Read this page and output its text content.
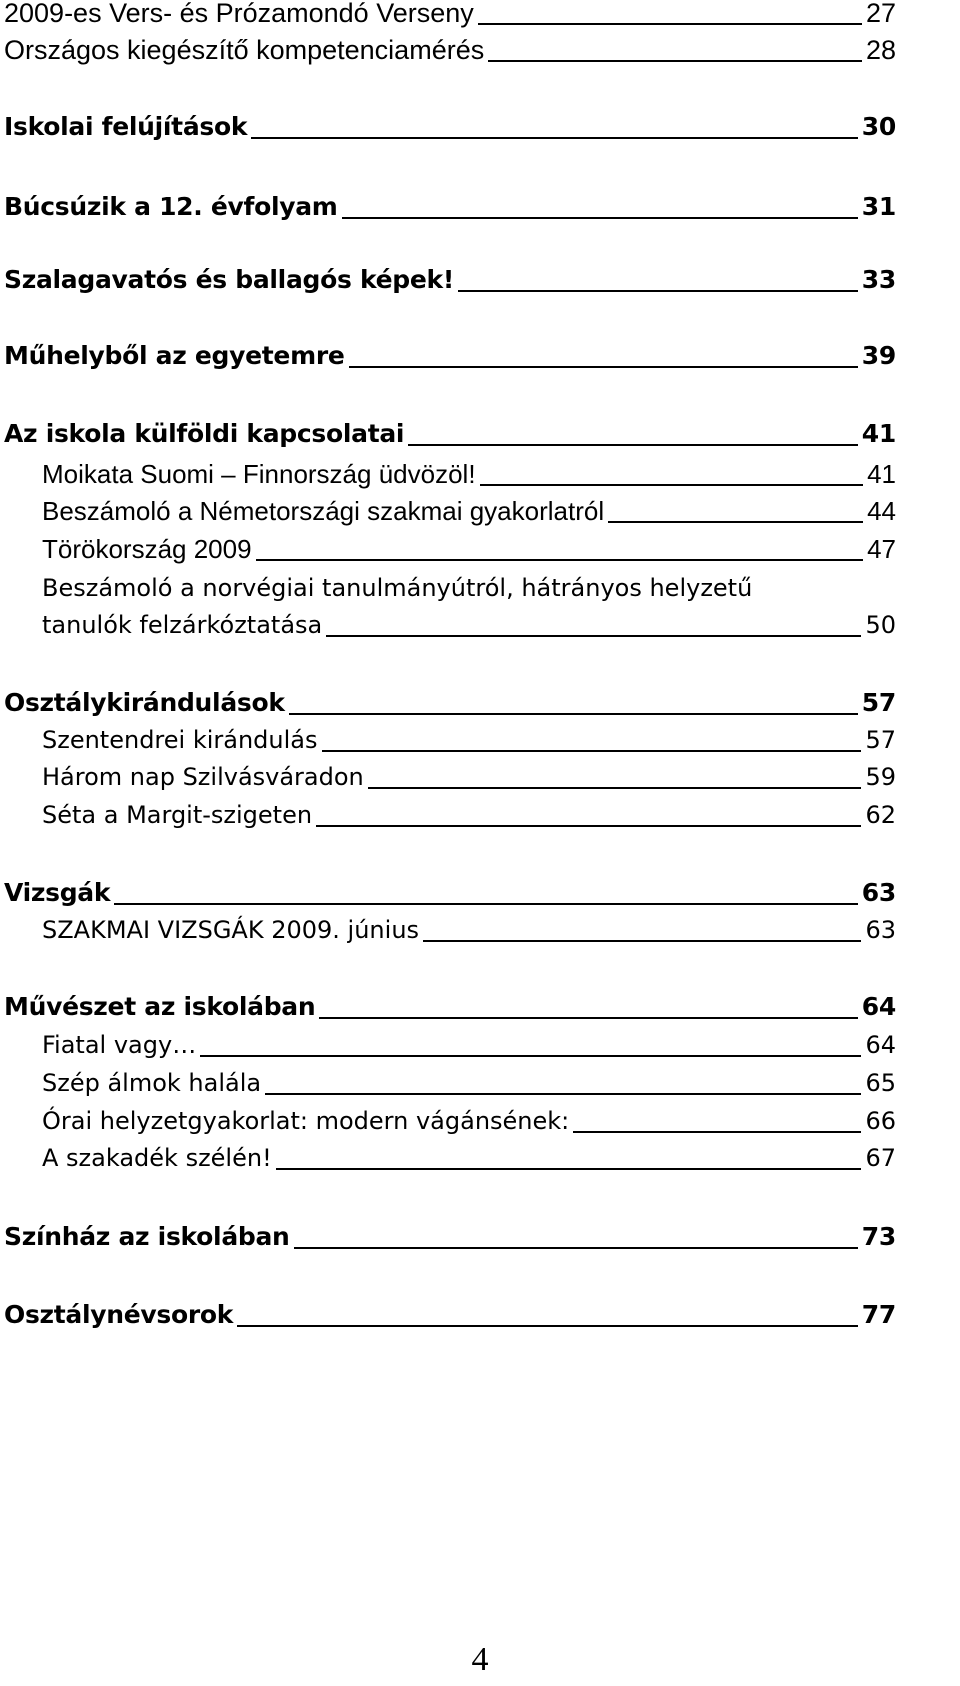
2009-es Vers- és Prózamondó Verseny	27
Országos kiegészítő kompetenciamérés	28
Iskolai felújítások	30
Búcsúzik a 12. évfolyam	31
Szalagavatós és ballagós képek!	33
Műhelyből az egyetemre	39
Az iskola külföldi kapcsolatai	41
Moikata Suomi – Finnország üdvözöl!	41
Beszámoló a Németországi szakmai gyakorlatról	44
Törökország 2009	47
Beszámoló a norvégiai tanulmányútról, hátrányos helyzetű
tanulók felzárkóztatása	50
Osztálykirándulások	57
Szentendrei kirándulás	57
Három nap Szilvásváradon	59
Séta a Margit-szigeten	62
Vizsgák	63
SZAKMAI VIZSGÁK 2009. június	63
Művészet az iskolában	64
Fiatal vagy…	64
Szép álmok halála	65
Órai helyzetgyakorlat: modern vágánsének:	66
A szakadék szélén!	67
Színház az iskolában	73
Osztálynévsorok	77
4
